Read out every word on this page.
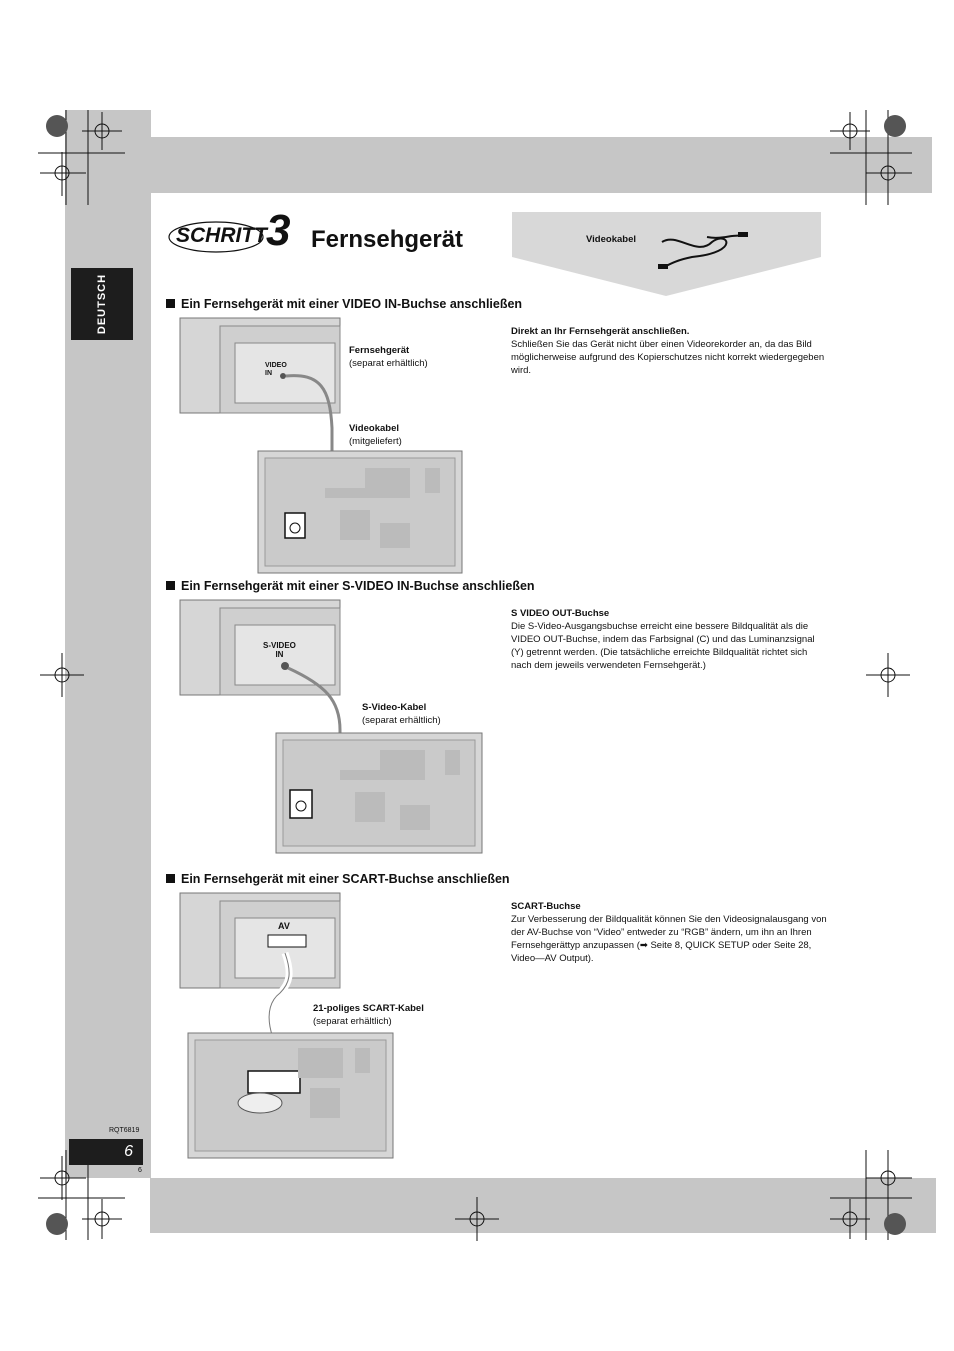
DEUTSCH
SCHRITT 3 Fernsehgerät	Videokabel
Ein Fernsehgerät mit einer VIDEO IN-Buchse anschließen
Direkt an Ihr Fernsehgerät anschließen.
Schließen Sie das Gerät nicht über einen Videorekorder an, da das Bild möglicherweise aufgrund des Kopierschutzes nicht korrekt wiedergegeben wird.
VIDEO
IN
Fernsehgerät
(separat erhältlich)
Videokabel
(mitgeliefert)
Ein Fernsehgerät mit einer S-VIDEO IN-Buchse anschließen
S VIDEO OUT-Buchse
Die S-Video-Ausgangsbuchse erreicht eine bessere Bildqualität als die VIDEO OUT-Buchse, indem das Farbsignal (C) und das Luminanzsignal (Y) getrennt werden. (Die tatsächliche erreichte Bildqualität richtet sich nach dem jeweils verwendeten Fernsehgerät.)
S-VIDEO
IN
S-Video-Kabel
(separat erhältlich)
Ein Fernsehgerät mit einer SCART-Buchse anschließen
SCART-Buchse
Zur Verbesserung der Bildqualität können Sie den Videosignalausgang von der AV-Buchse von “Video” entweder zu “RGB” ändern, um ihn an Ihren Fernsehgerättyp anzupassen (➡ Seite 8, QUICK SETUP oder Seite 28, Video—AV Output).
AV
21-poliges SCART-Kabel
(separat erhältlich)
RQT6819
6
6
